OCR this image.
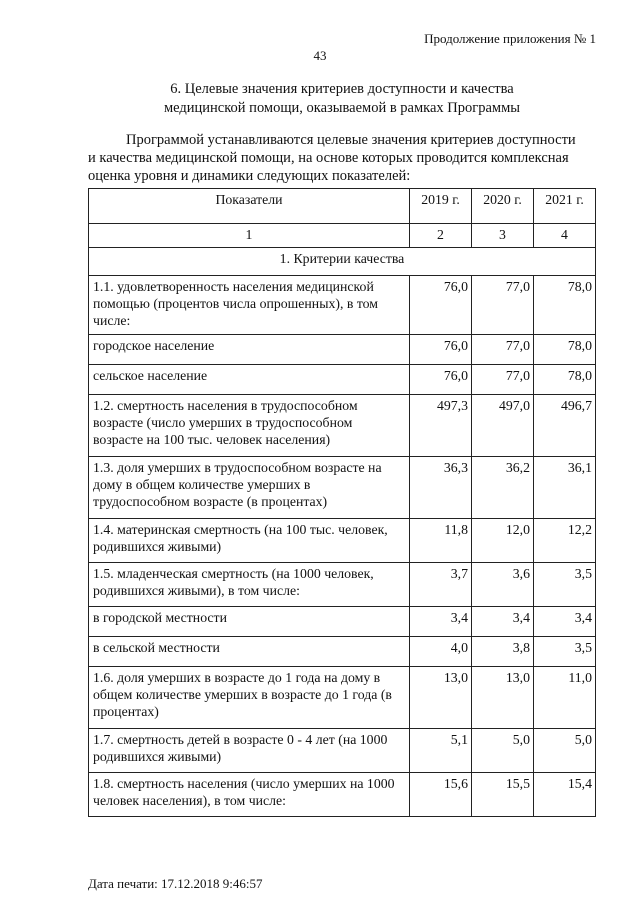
Продолжение приложения № 1
43
6. Целевые значения критериев доступности и качества
медицинской помощи, оказываемой в рамках Программы
Программой устанавливаются целевые значения критериев доступности
и качества медицинской помощи, на основе которых проводится комплексная
оценка уровня и динамики следующих показателей:
Показатели	2019 г.	2020 г.	2021 г.
1	2	3	4
1. Критерии качества			
1.1. удовлетворенность населения медицинской помощью (процентов числа опрошенных), в том числе:	76,0	77,0	78,0
городское население	76,0	77,0	78,0
сельское население	76,0	77,0	78,0
1.2. смертность населения в трудоспособном возрасте (число умерших в трудоспособном возрасте на 100 тыс. человек населения)	497,3	497,0	496,7
1.3. доля умерших в трудоспособном возрасте на дому в общем количестве умерших в трудоспособном возрасте (в процентах)	36,3	36,2	36,1
1.4. материнская смертность (на 100 тыс. человек, родившихся живыми)	11,8	12,0	12,2
1.5. младенческая смертность (на 1000 человек, родившихся живыми), в том числе:	3,7	3,6	3,5
в городской местности	3,4	3,4	3,4
в сельской местности	4,0	3,8	3,5
1.6. доля умерших в возрасте до 1 года на дому в общем количестве умерших в возрасте до 1 года (в процентах)	13,0	13,0	11,0
1.7. смертность детей в возрасте 0 - 4 лет (на 1000 родившихся живыми)	5,1	5,0	5,0
1.8. смертность населения (число умерших на 1000 человек населения), в том числе:	15,6	15,5	15,4
Дата печати: 17.12.2018 9:46:57
